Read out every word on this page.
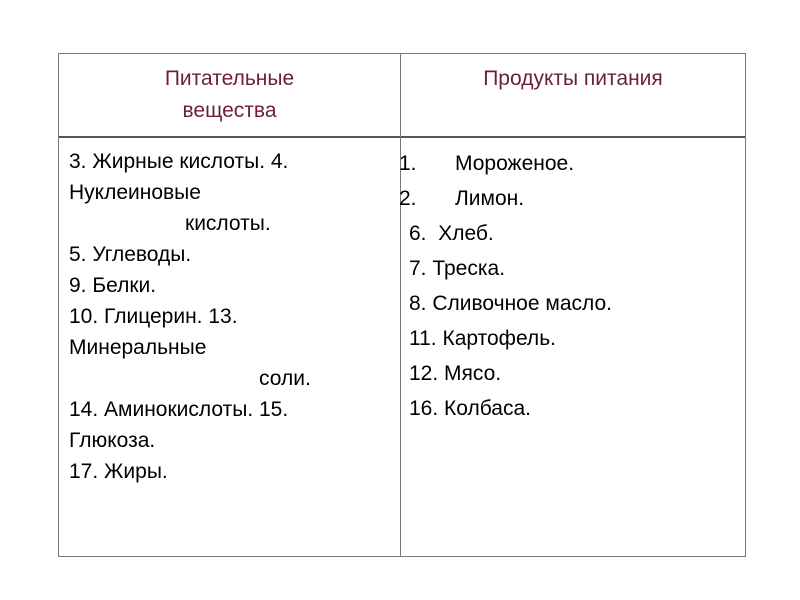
Питательные
вещества
Продукты питания
3. Жирные кислоты. 4.
Нуклеиновые
кислоты.
5. Углеводы.
9. Белки.
10. Глицерин. 13.
Минеральные
соли.
14. Аминокислоты. 15.
Глюкоза.
17. Жиры.
1. Мороженое.
2. Лимон.
6. Хлеб.
7. Треска.
8. Сливочное масло.
11. Картофель.
12. Мясо.
16. Колбаса.
